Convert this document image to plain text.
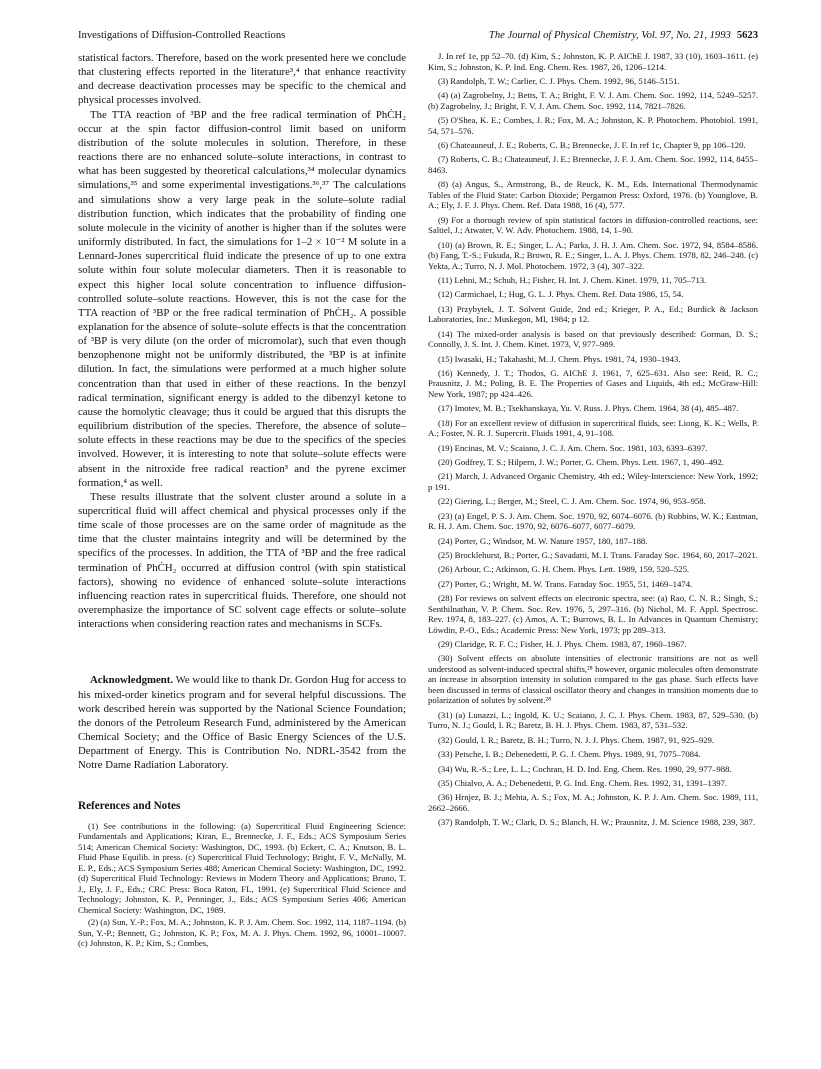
Investigations of Diffusion-Controlled Reactions	The Journal of Physical Chemistry, Vol. 97, No. 21, 1993 5623

statistical factors. Therefore, based on the work presented here we conclude that clustering effects reported in the literature³,⁴ that enhance reactivity and decrease deactivation processes may be specific to the chemical and physical processes involved.

The TTA reaction of ³BP and the free radical termination of PhĊH₂ occur at the spin factor diffusion-control limit based on uniform distribution of the solute molecules in solution. Therefore, in these reactions there are no enhanced solute–solute interactions, in contrast to what has been suggested by theoretical calculations,³⁴ molecular dynamics simulations,³⁵ and some experimental investigations.³⁶,³⁷ The calculations and simulations show a very large peak in the solute–solute radial distribution function, which indicates that the probability of finding one solute molecule in the vicinity of another is higher than if the solutes were uniformly distributed. In fact, the simulations for 1–2 × 10⁻² M solute in a Lennard-Jones supercritical fluid indicate the presence of up to one extra solute within four solute molecular diameters. Then it is reasonable to expect this higher local solute concentration to influence diffusion-controlled solute–solute reactions. However, this is not the case for the TTA reaction of ³BP or the free radical termination of PhĊH₂. A possible explanation for the absence of solute–solute effects is that the concentration of ³BP is very dilute (on the order of micromolar), such that even though benzophenone might not be uniformly distributed, the ³BP is at infinite dilution. In fact, the simulations were performed at a much higher solute concentration than that used in either of these reactions. In the benzyl radical termination, significant energy is added to the dibenzyl ketone to cause the homolytic cleavage; thus it could be argued that this disrupts the equilibrium distribution of the species. Therefore, the absence of solute–solute effects in these reactions may be due to the specifics of the species involved. However, it is interesting to note that solute–solute effects were absent in the nitroxide free radical reaction³ and the pyrene excimer formation,⁴ as well.

These results illustrate that the solvent cluster around a solute in a supercritical fluid will affect chemical and physical processes only if the time scale of those processes are on the same order of magnitude as the time that the cluster maintains integrity and will be determined by the specifics of the processes. In addition, the TTA of ³BP and the free radical termination of PhĊH₂ occurred at diffusion control (with spin statistical factors), showing no evidence of enhanced solute–solute interactions influencing reaction rates in supercritical fluids. Therefore, one should not overemphasize the importance of SC solvent cage effects or solute–solute interactions when considering reaction rates and mechanisms in SCFs.

Acknowledgment. We would like to thank Dr. Gordon Hug for access to his mixed-order kinetics program and for several helpful discussions. The work described herein was supported by the National Science Foundation; the donors of the Petroleum Research Fund, administered by the American Chemical Society; and the Office of Basic Energy Sciences of the U.S. Department of Energy. This is Contribution No. NDRL-3542 from the Notre Dame Radiation Laboratory.

References and Notes

(1) See contributions in the following: (a) Supercritical Fluid Engineering Science: Fundamentals and Applications; Kiran, E., Brennecke, J. F., Eds.; ACS Symposium Series 514; American Chemical Society: Washington, DC, 1993. (b) Eckert, C. A.; Knutson, B. L. Fluid Phase Equilib. in press. (c) Supercritical Fluid Technology; Bright, F. V., McNally, M. E. P., Eds.; ACS Symposium Series 488; American Chemical Society: Washington, DC, 1992. (d) Supercritical Fluid Technology: Reviews in Modern Theory and Applications; Bruno, T. J., Ely, J. F., Eds.; CRC Press: Boca Raton, FL, 1991. (e) Supercritical Fluid Science and Technology; Johnston, K. P., Penninger, J., Eds.; ACS Symposium Series 406; American Chemical Society: Washington, DC, 1989.

(2) (a) Sun, Y.-P.; Fox, M. A.; Johnston, K. P. J. Am. Chem. Soc. 1992, 114, 1187–1194. (b) Sun, Y.-P.; Bennett, G.; Johnston, K. P.; Fox, M. A. J. Phys. Chem. 1992, 96, 10001–10007. (c) Johnston, K. P.; Kim, S.; Combes,

J. In ref 1e, pp 52–70. (d) Kim, S.; Johnston, K. P. AIChE J. 1987, 33 (10), 1603–1611. (e) Kim, S.; Johnston, K. P. Ind. Eng. Chem. Res. 1987, 26, 1206–1214.

(3) Randolph, T. W.; Carlier, C. J. Phys. Chem. 1992, 96, 5146–5151.

(4) (a) Zagrobelny, J.; Betts, T. A.; Bright, F. V. J. Am. Chem. Soc. 1992, 114, 5249–5257. (b) Zagrobelny, J.; Bright, F. V. J. Am. Chem. Soc. 1992, 114, 7821–7826.

(5) O'Shea, K. E.; Combes, J. R.; Fox, M. A.; Johnston, K. P. Photochem. Photobiol. 1991, 54, 571–576.

(6) Chateauneuf, J. E.; Roberts, C. B.; Brennecke, J. F. In ref 1c, Chapter 9, pp 106–120.

(7) Roberts, C. B.; Chateauneuf, J. E.; Brennecke, J. F. J. Am. Chem. Soc. 1992, 114, 8455–8463.

(8) (a) Angus, S., Armstrong, B., de Reuck, K. M., Eds. International Thermodynamic Tables of the Fluid State: Carbon Dioxide; Pergamon Press: Oxford, 1976. (b) Younglove, B. A.; Ely, J. F. J. Phys. Chem. Ref. Data 1988, 16 (4), 577.

(9) For a thorough review of spin statistical factors in diffusion-controlled reactions, see: Saltiel, J.; Atwater, V. W. Adv. Photochem. 1988, 14, 1–90.

(10) (a) Brown, R. E.; Singer, L. A.; Parks, J. H. J. Am. Chem. Soc. 1972, 94, 8584–8586. (b) Fang, T.-S.; Fukuda, R.; Brown, R. E.; Singer, L. A. J. Phys. Chem. 1978, 82, 246–248. (c) Yekta, A.; Turro, N. J. Mol. Photochem. 1972, 3 (4), 307–322.

(11) Lehni, M.; Schuh, H.; Fisher, H. Int. J. Chem. Kinet. 1979, 11, 705–713.

(12) Carmichael, I.; Hug, G. L. J. Phys. Chem. Ref. Data 1986, 15, 54.

(13) Przybytek, J. T. Solvent Guide, 2nd ed.; Krieger, P. A., Ed.; Burdick & Jackson Laboratories, Inc.: Muskegon, MI, 1984; p 12.

(14) The mixed-order analysis is based on that previously described: Gorman, D. S.; Connolly, J. S. Int. J. Chem. Kinet. 1973, V, 977–989.

(15) Iwasaki, H.; Takahashi, M. J. Chem. Phys. 1981, 74, 1930–1943.

(16) Kennedy, J. T.; Thodos, G. AIChE J. 1961, 7, 625–631. Also see: Reid, R. C.; Prausnitz, J. M.; Poling, B. E. The Properties of Gases and Liquids, 4th ed.; McGraw-Hill: New York, 1987; pp 424–426.

(17) Imotev, M. B.; Tsekhanskaya, Yu. V. Russ. J. Phys. Chem. 1964, 38 (4), 485–487.

(18) For an excellent review of diffusion in supercritical fluids, see: Liong, K. K.; Wells, P. A.; Foster, N. R. J. Supercrit. Fluids 1991, 4, 91–108.

(19) Encinas, M. V.; Scaiano, J. C. J. Am. Chem. Soc. 1981, 103, 6393–6397.

(20) Godfrey, T. S.; Hilpern, J. W.; Porter, G. Chem. Phys. Lett. 1967, 1, 490–492.

(21) March, J. Advanced Organic Chemistry, 4th ed.; Wiley-Interscience: New York, 1992; p 191.

(22) Giering, L.; Berger, M.; Steel, C. J. Am. Chem. Soc. 1974, 96, 953–958.

(23) (a) Engel, P. S. J. Am. Chem. Soc. 1970, 92, 6074–6076. (b) Robbins, W. K.; Eastman, R. H. J. Am. Chem. Soc. 1970, 92, 6076–6077, 6077–6079.

(24) Porter, G.; Windsor, M. W. Nature 1957, 180, 187–188.

(25) Brocklehurst, B.; Porter, G.; Savadatti, M. I. Trans. Faraday Soc. 1964, 60, 2017–2021.

(26) Arbour, C.; Atkinson, G. H. Chem. Phys. Lett. 1989, 159, 520–525.

(27) Porter, G.; Wright, M. W. Trans. Faraday Soc. 1955, 51, 1469–1474.

(28) For reviews on solvent effects on electronic spectra, see: (a) Rao, C. N. R.; Singh, S.; Senthilnathan, V. P. Chem. Soc. Rev. 1976, 5, 297–316. (b) Nichol, M. F. Appl. Spectrosc. Rev. 1974, 8, 183–227. (c) Amos, A. T.; Burrows, B. L. In Advances in Quantum Chemistry; Löwdin, P.-O., Eds.; Academic Press: New York, 1973; pp 289–313.

(29) Claridge, R. F. C.; Fisher, H. J. Phys. Chem. 1983, 87, 1960–1967.

(30) Solvent effects on absolute intensities of electronic transitions are not as well understood as solvent-induced spectral shifts,²⁸ however, organic molecules often demonstrate an increase in absorption intensity in solution compared to the gas phase. Such effects have been discussed in terms of classical oscillator theory and changes in transition moments due to polarization of solutes by solvent.²⁸

(31) (a) Lunazzi, L.; Ingold, K. U.; Scaiano, J. C. J. Phys. Chem. 1983, 87, 529–530. (b) Turro, N. J.; Gould, I. R.; Baretz, B. H. J. Phys. Chem. 1983, 87, 531–532.

(32) Gould, I. R.; Baretz, B. H.; Turro, N. J. J. Phys. Chem. 1987, 91, 925–929.

(33) Petsche, I. B.; Debenedetti, P. G. J. Chem. Phys. 1989, 91, 7075–7084.

(34) Wu, R.-S.; Lee, L. L.; Cochran, H. D. Ind. Eng. Chem. Res. 1990, 29, 977–988.

(35) Chialvo, A. A.; Debenedetti, P. G. Ind. Eng. Chem. Res. 1992, 31, 1391–1397.

(36) Hrnjez, B. J.; Mehta, A. S.; Fox, M. A.; Johnston, K. P. J. Am. Chem. Soc. 1989, 111, 2662–2666.

(37) Randolph, T. W.; Clark, D. S.; Blanch, H. W.; Prausnitz, J. M. Science 1988, 239, 387.
